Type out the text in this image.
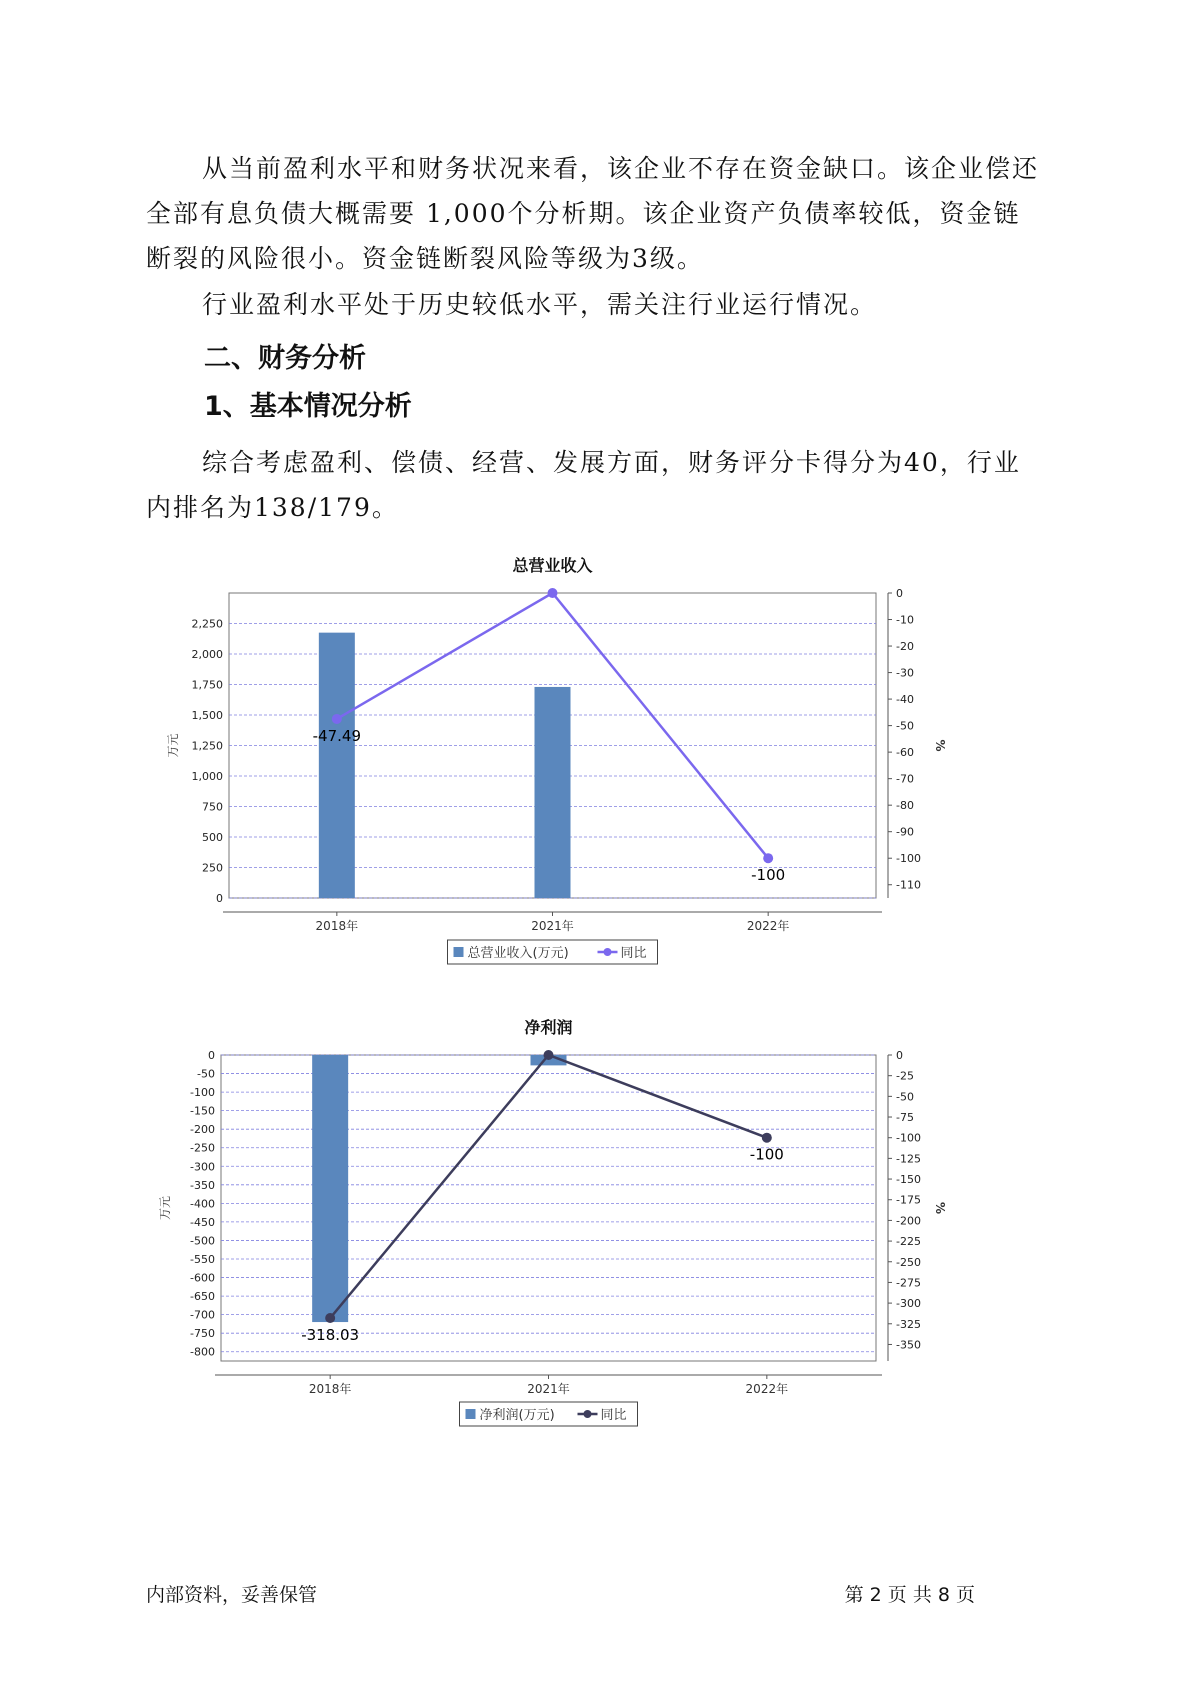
从当前盈利水平和财务状况来看，该企业不存在资金缺口。该企业偿还全部有息负债大概需要 1,000个分析期。该企业资产负债率较低，资金链断裂的风险很小。资金链断裂风险等级为3级。

行业盈利水平处于历史较低水平，需关注行业运行情况。

二、财务分析
1、基本情况分析

综合考虑盈利、偿债、经营、发展方面，财务评分卡得分为40，行业内排名为138/179。

总营业收入
0
250
500
750
1,000
1,250
1,500
1,750
2,000
2,250
0
-10
-20
-30
-40
-50
-60
-70
-80
-90
-100
-110
万元	%
2018年	2021年	2022年
-47.49
-100
总营业收入(万元)	同比
净利润
0
-50
-100
-150
-200
-250
-300
-350
-400
-450
-500
-550
-600
-650
-700
-750
-800
0
-25
-50
-75
-100
-125
-150
-175
-200
-225
-250
-275
-300
-325
-350
万元	%
2018年	2021年	2022年
-318.03
-100
净利润(万元)	同比
内部资料，妥善保管	第 2 页 共 8 页
